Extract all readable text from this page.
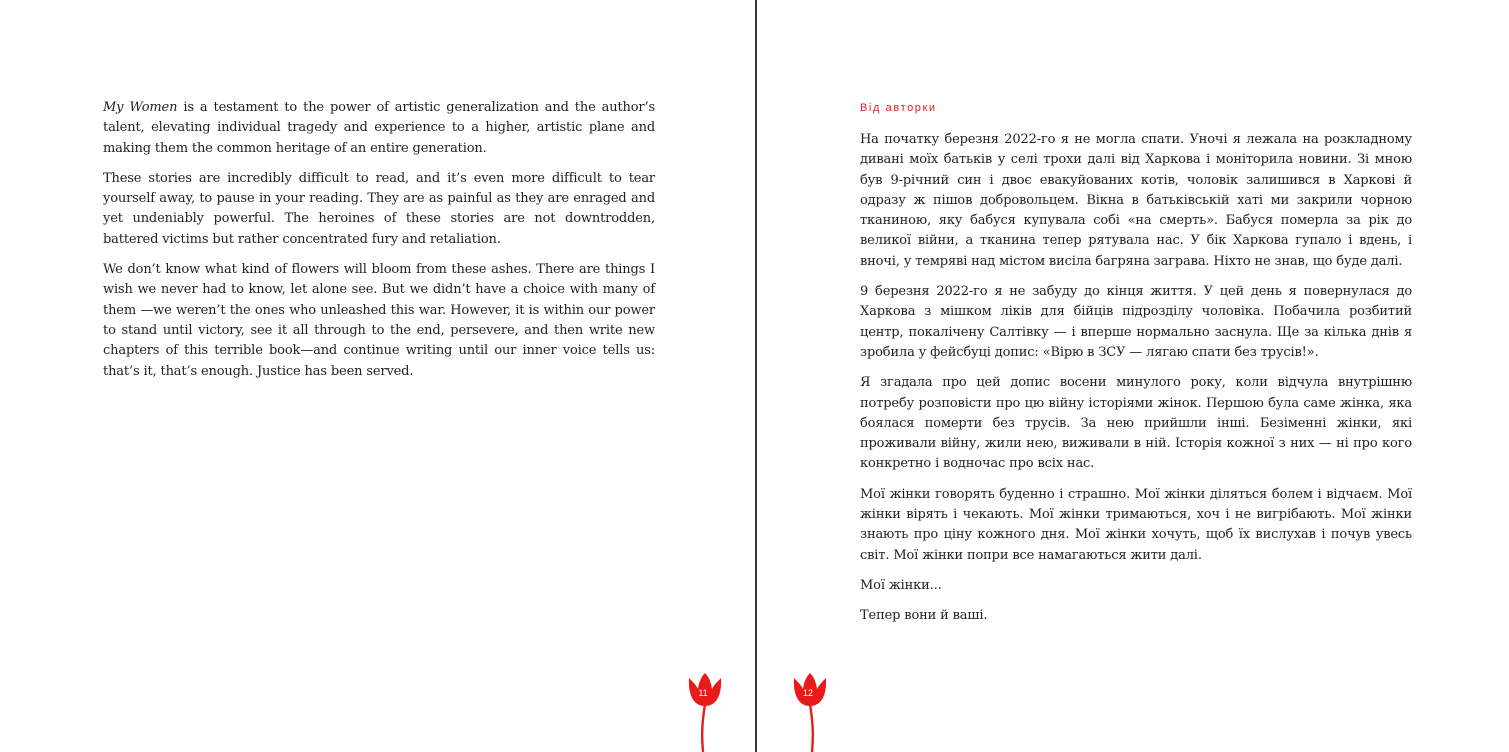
My Women is a testament to the power of artistic generalization and the author’s talent, elevating individual tragedy and experience to a higher, artistic plane and making them the common heritage of an entire generation.

These stories are incredibly difficult to read, and it’s even more difficult to tear yourself away, to pause in your reading. They are as painful as they are enraged and yet undeniably powerful. The heroines of these stories are not downtrodden, battered victims but rather concentrated fury and retaliation.

We don’t know what kind of flowers will bloom from these ashes. There are things I wish we never had to know, let alone see. But we didn’t have a choice with many of them —we weren’t the ones who unleashed this war. However, it is within our power to stand until victory, see it all through to the end, persevere, and then write new chapters of this terrible book—and continue writing until our inner voice tells us: that’s it, that’s enough. Justice has been served.

11
Від авторки

На початку березня 2022-го я не могла спати. Уночі я лежала на розкладному дивані моїх батьків у селі трохи далі від Харкова і моніторила новини. Зі мною був 9-річний син і двоє евакуйованих котів, чоловік залишився в Харкові й одразу ж пішов добровольцем. Вікна в батьківській хаті ми закрили чорною тканиною, яку бабуся купувала собі «на смерть». Бабуся померла за рік до великої війни, а тканина тепер рятувала нас. У бік Харкова гупало і вдень, і вночі, у темряві над містом висіла багряна заграва. Ніхто не знав, що буде далі.

9 березня 2022-го я не забуду до кінця життя. У цей день я повернулася до Харкова з мішком ліків для бійців підрозділу чоловіка. Побачила розбитий центр, покалічену Салтівку — і вперше нормально заснула. Ще за кілька днів я зробила у фейсбуці допис: «Вірю в ЗСУ — лягаю спати без трусів!».

Я згадала про цей допис восени минулого року, коли відчула внутрішню потребу розповісти про цю війну історіями жінок. Першою була саме жінка, яка боялася померти без трусів. За нею прийшли інші. Безіменні жінки, які проживали війну, жили нею, виживали в ній. Історія кожної з них — ні про кого конкретно і водночас про всіх нас.

Мої жінки говорять буденно і страшно. Мої жінки діляться болем і відчаєм. Мої жінки вірять і чекають. Мої жінки тримаються, хоч і не вигрібають. Мої жінки знають про ціну кожного дня. Мої жінки хочуть, щоб їх вислухав і почув увесь світ. Мої жінки попри все намагаються жити далі.

Мої жінки...

Тепер вони й ваші.

12
